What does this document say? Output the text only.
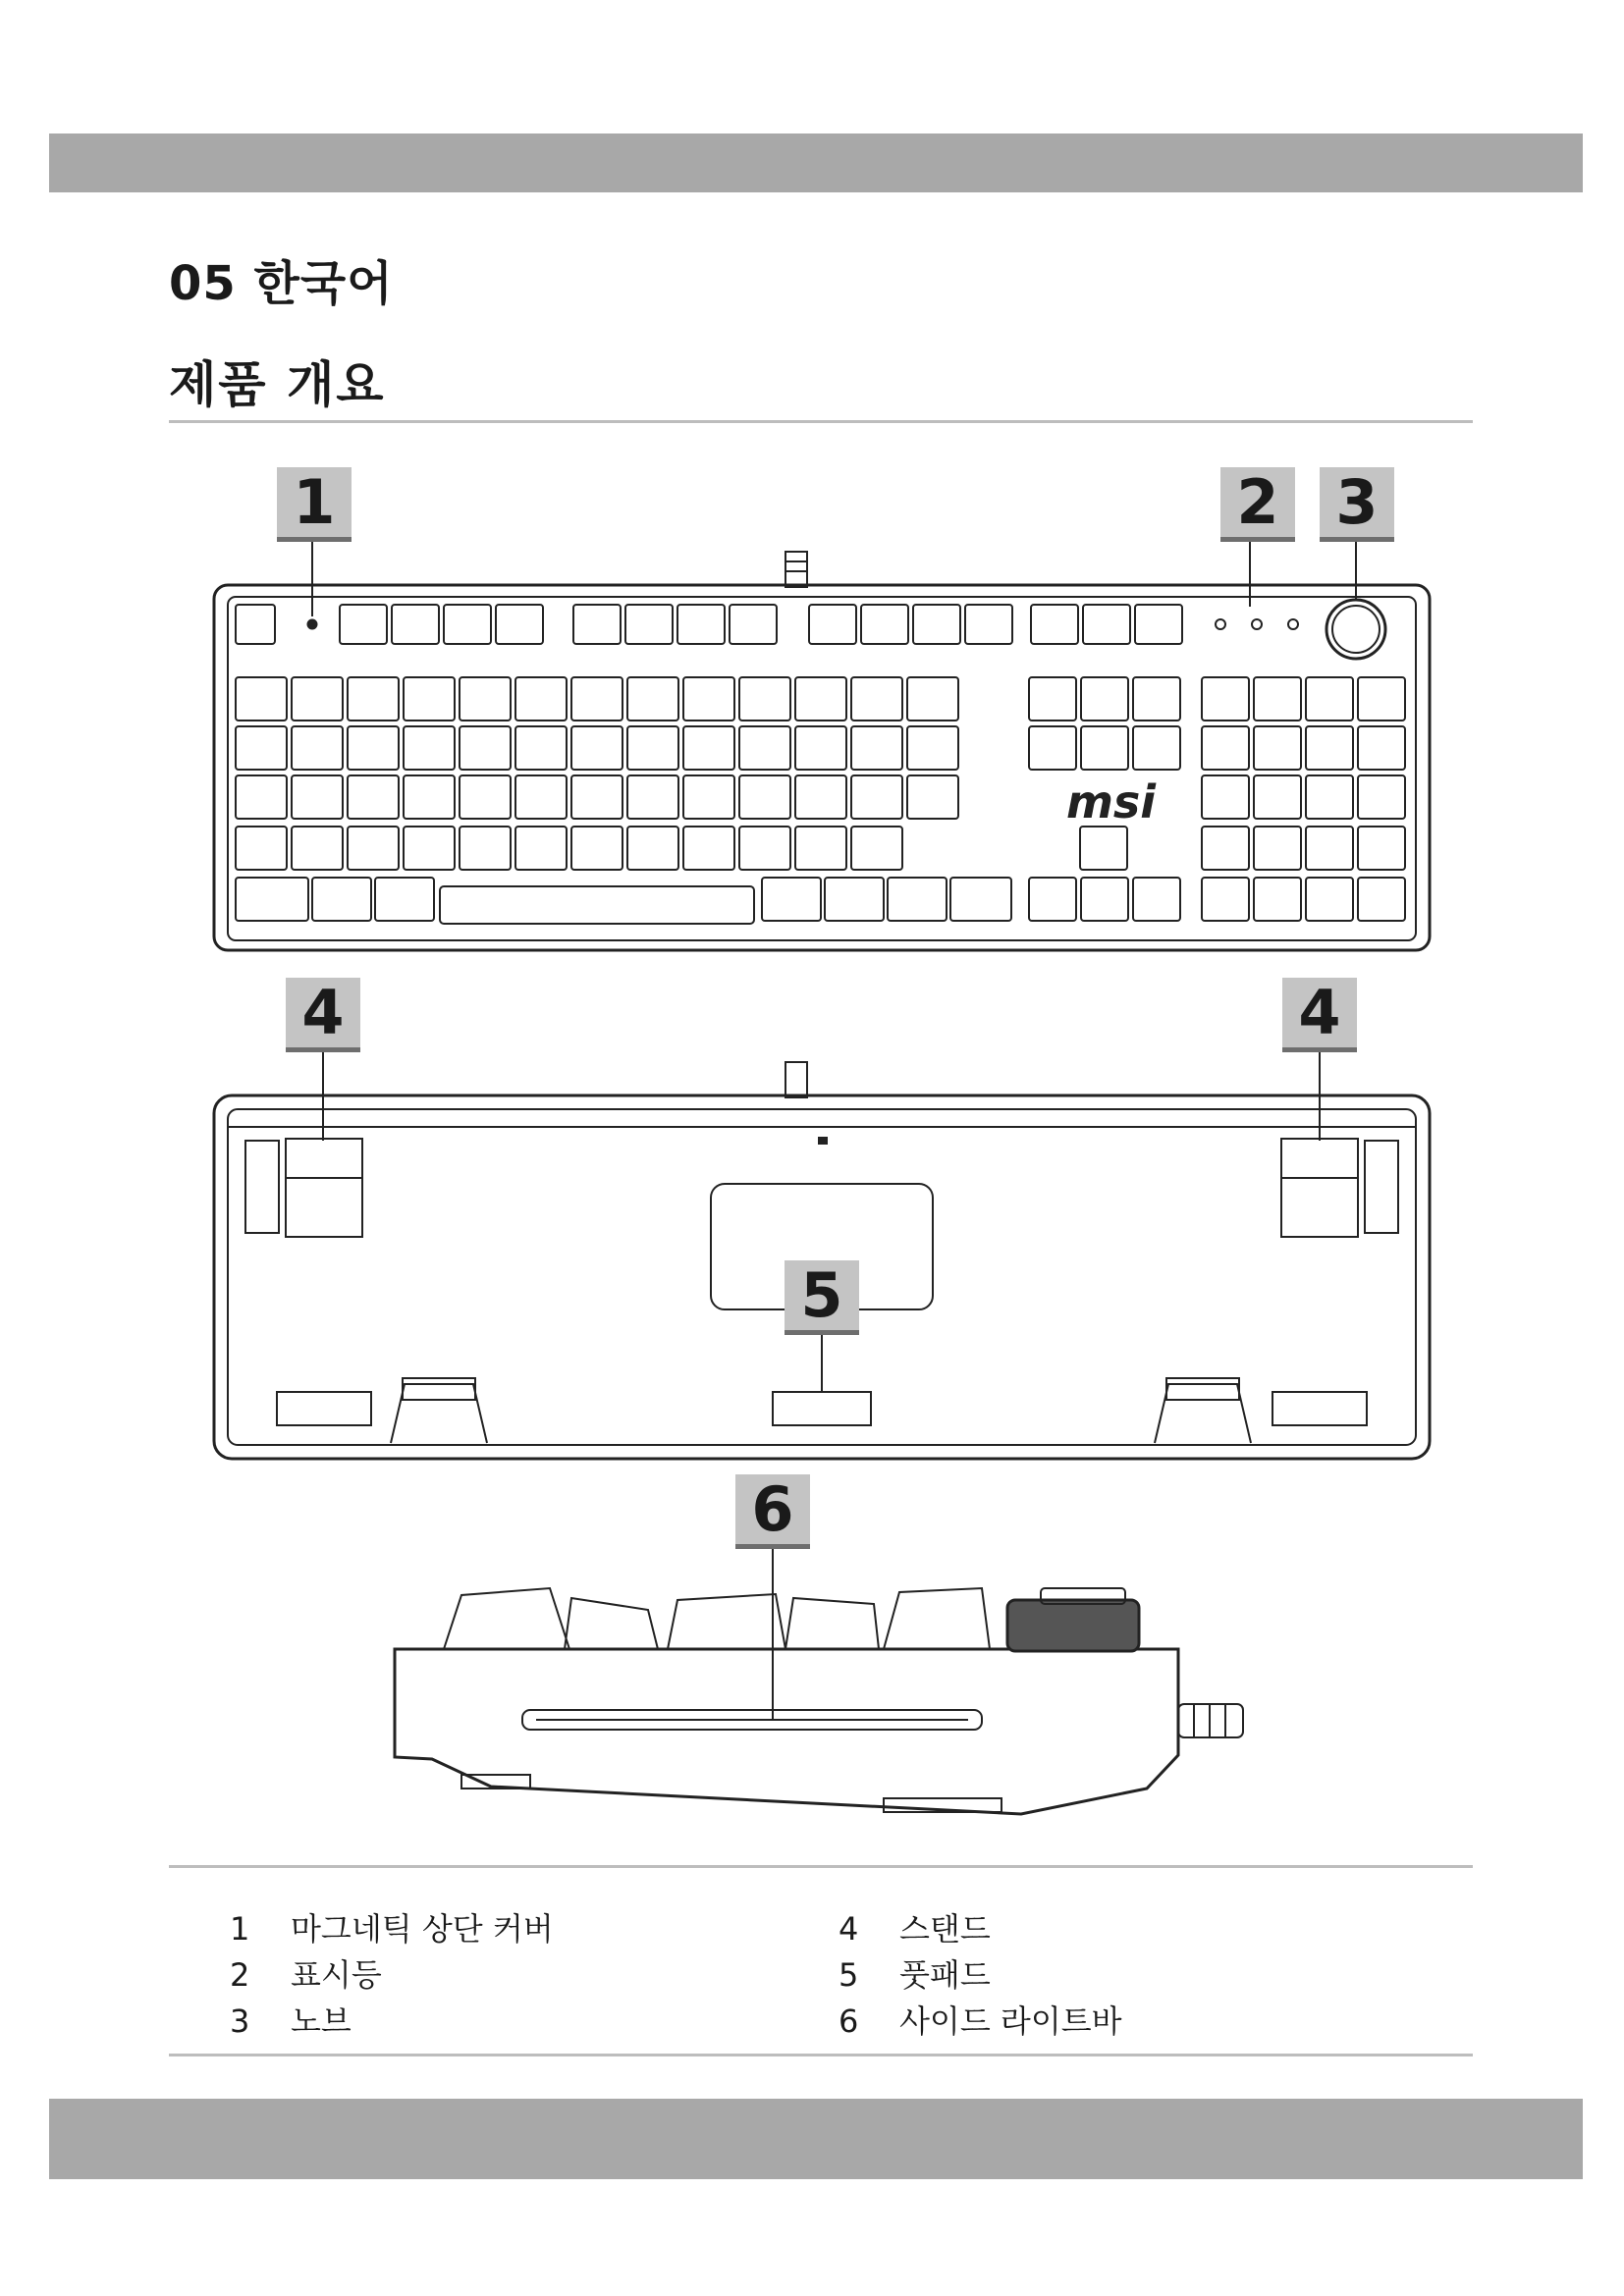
05 한국어
제품 개요
msi
1	2 3
4	4
5
6
1	마그네틱 상단 커버
2	표시등
3	노브
4	스탠드
5	풋패드
6	사이드 라이트바
